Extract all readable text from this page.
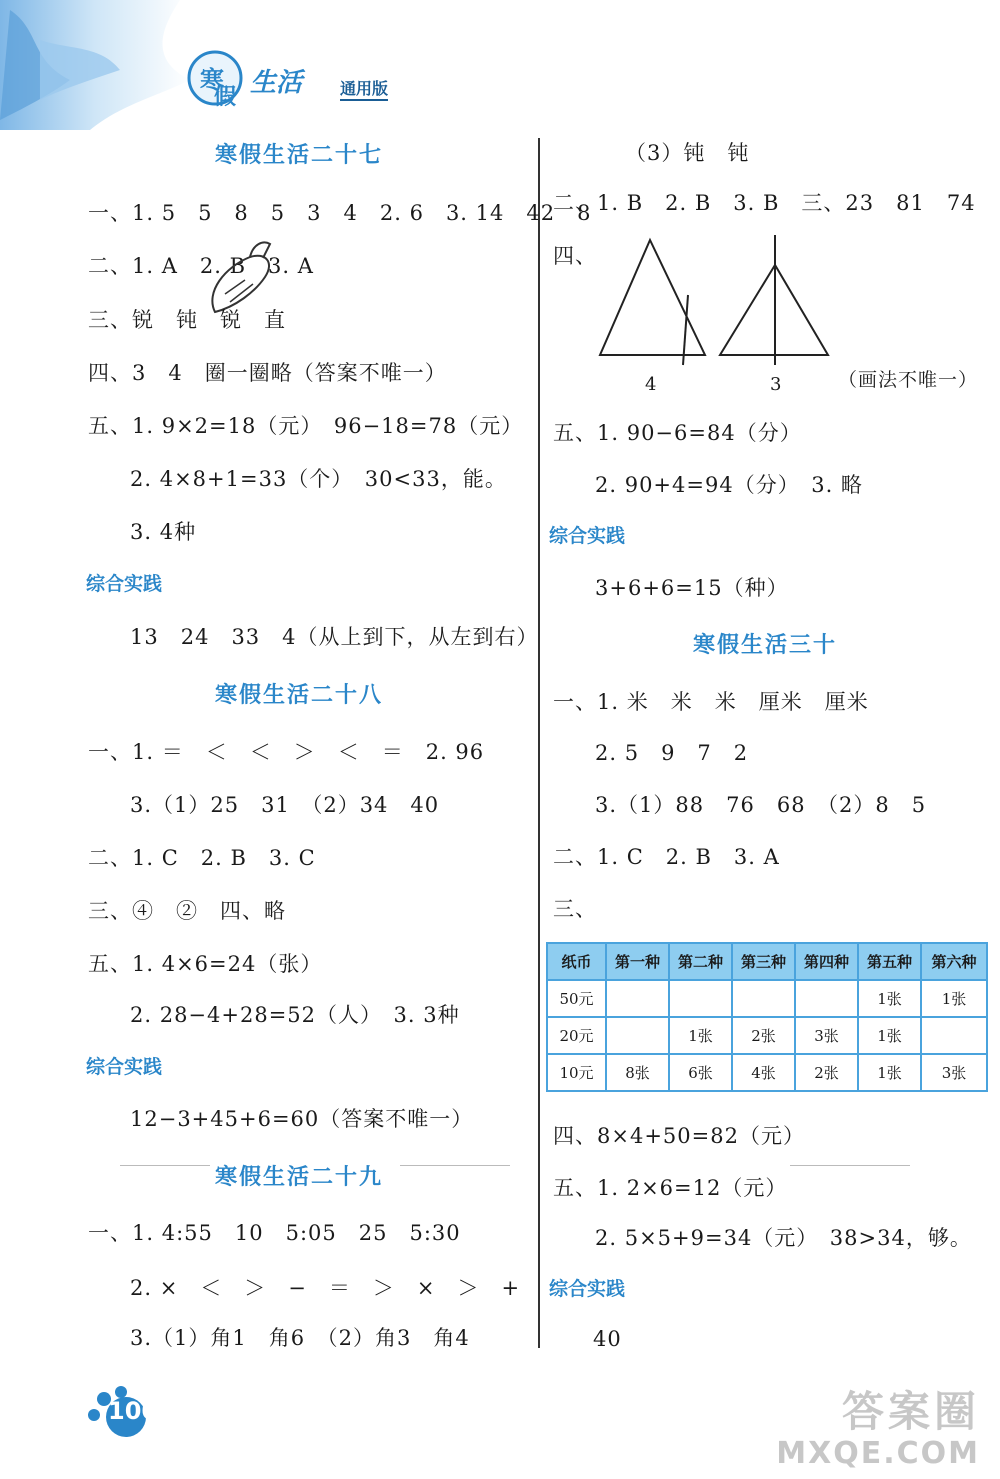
寒
假 生活 通用版
寒假生活二十七
一、1. 5　5　8　5　3　4　2. 6　3. 14　42　8
二、1. A　2. B　3. A
三、锐　钝　锐　直
四、3　4　圈一圈略（答案不唯一）
五、1. 9×2=18（元）　96−18=78（元）
2. 4×8+1=33（个）　30<33，能。
3. 4种
综合实践
13　24　33　4（从上到下，从左到右）
寒假生活二十八
一、1. ＝　＜　＜　＞　＜　＝　2. 96
3.（1）25　31　（2）34　40
二、1. C　2. B　3. C
三、④　②　四、略
五、1. 4×6=24（张）
2. 28−4+28=52（人）　3. 3种
综合实践
12−3+45+6=60（答案不唯一）
寒假生活二十九
一、1. 4:55　10　5:05　25　5:30
2. ×　＜　＞　−　＝　＞　×　＞　+
3.（1）角1　角6　（2）角3　角4
（3）钝　钝
二、1. B　2. B　3. B　三、23　81　74
四、
4	3	（画法不唯一）
五、1. 90−6=84（分）
2. 90+4=94（分）　3. 略
综合实践
3+6+6=15（种）
寒假生活三十
一、1. 米　米　米　厘米　厘米
2. 5　9　7　2
3.（1）88　76　68　（2）8　5
二、1. C　2. B　3. A
三、
纸币	第一种	第二种	第三种	第四种	第五种	第六种
50元					1张	1张
20元		1张	2张	3张	1张	
10元	8张	6张	4张	2张	1张	3张
四、8×4+50=82（元）
五、1. 2×6=12（元）
2. 5×5+9=34（元）　38>34，够。
综合实践
40
100	答案圈
MXQE.COM
